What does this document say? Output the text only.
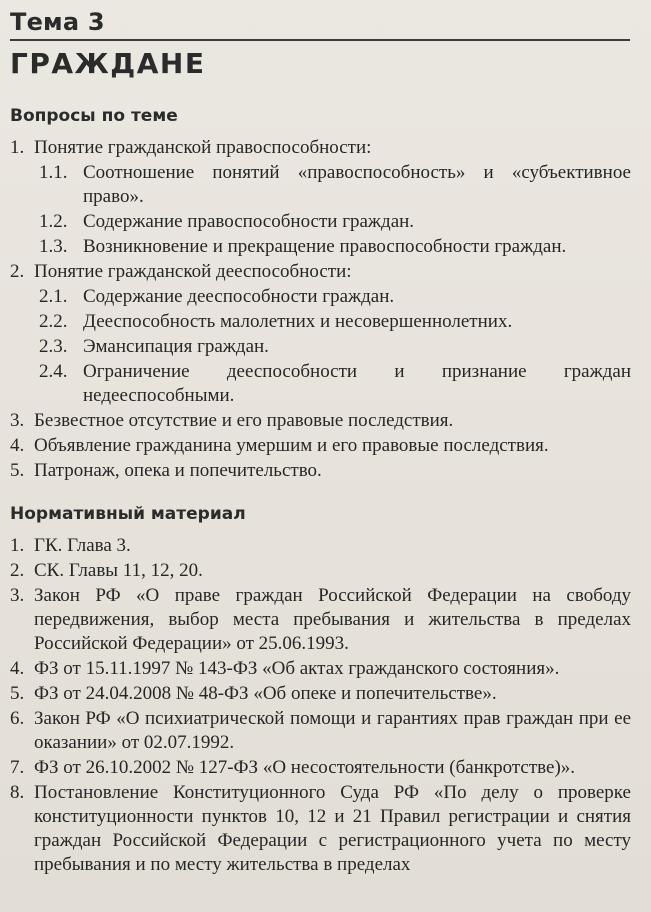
Тема 3
ГРАЖДАНЕ
Вопросы по теме
1. Понятие гражданской правоспособности:
1.1. Соотношение понятий «правоспособность» и «субъективное право».
1.2. Содержание правоспособности граждан.
1.3. Возникновение и прекращение правоспособности граждан.
2. Понятие гражданской дееспособности:
2.1. Содержание дееспособности граждан.
2.2. Дееспособность малолетних и несовершеннолетних.
2.3. Эмансипация граждан.
2.4. Ограничение дееспособности и признание граждан недееспособными.
3. Безвестное отсутствие и его правовые последствия.
4. Объявление гражданина умершим и его правовые последствия.
5. Патронаж, опека и попечительство.
Нормативный материал
1. ГК. Глава 3.
2. СК. Главы 11, 12, 20.
3. Закон РФ «О праве граждан Российской Федерации на свободу передвижения, выбор места пребывания и жительства в пределах Российской Федерации» от 25.06.1993.
4. ФЗ от 15.11.1997 № 143-ФЗ «Об актах гражданского состояния».
5. ФЗ от 24.04.2008 № 48-ФЗ «Об опеке и попечительстве».
6. Закон РФ «О психиатрической помощи и гарантиях прав граждан при ее оказании» от 02.07.1992.
7. ФЗ от 26.10.2002 № 127-ФЗ «О несостоятельности (банкротстве)».
8. Постановление Конституционного Суда РФ «По делу о проверке конституционности пунктов 10, 12 и 21 Правил регистрации и снятия граждан Российской Федерации с регистрационного учета по месту пребывания и по месту жительства в пределах
